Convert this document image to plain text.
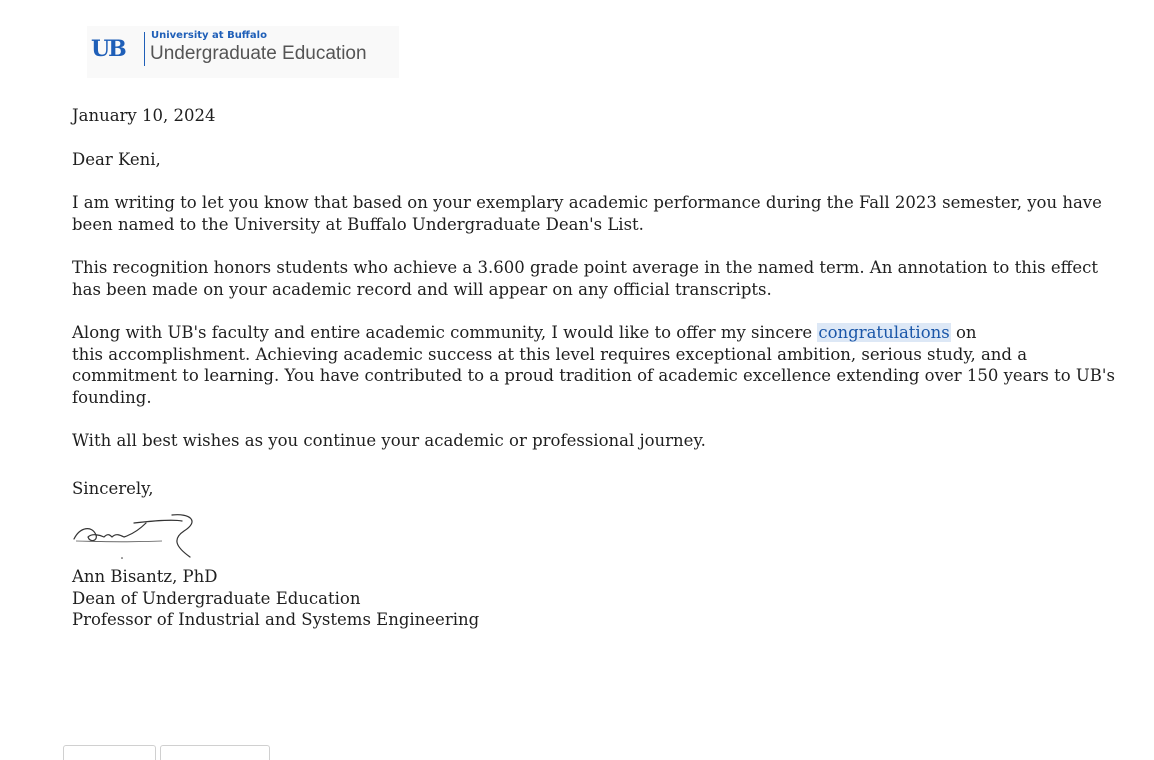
UB
University at Buffalo
Undergraduate Education

January 10, 2024

Dear Keni,

I am writing to let you know that based on your exemplary academic performance during the Fall 2023 semester, you have been named to the University at Buffalo Undergraduate Dean's List.

This recognition honors students who achieve a 3.600 grade point average in the named term. An annotation to this effect has been made on your academic record and will appear on any official transcripts.

Along with UB's faculty and entire academic community, I would like to offer my sincere congratulations on
this accomplishment. Achieving academic success at this level requires exceptional ambition, serious study, and a commitment to learning. You have contributed to a proud tradition of academic excellence extending over 150 years to UB's founding.

With all best wishes as you continue your academic or professional journey.

Sincerely,
Ann Bisantz, PhD
Dean of Undergraduate Education
Professor of Industrial and Systems Engineering
